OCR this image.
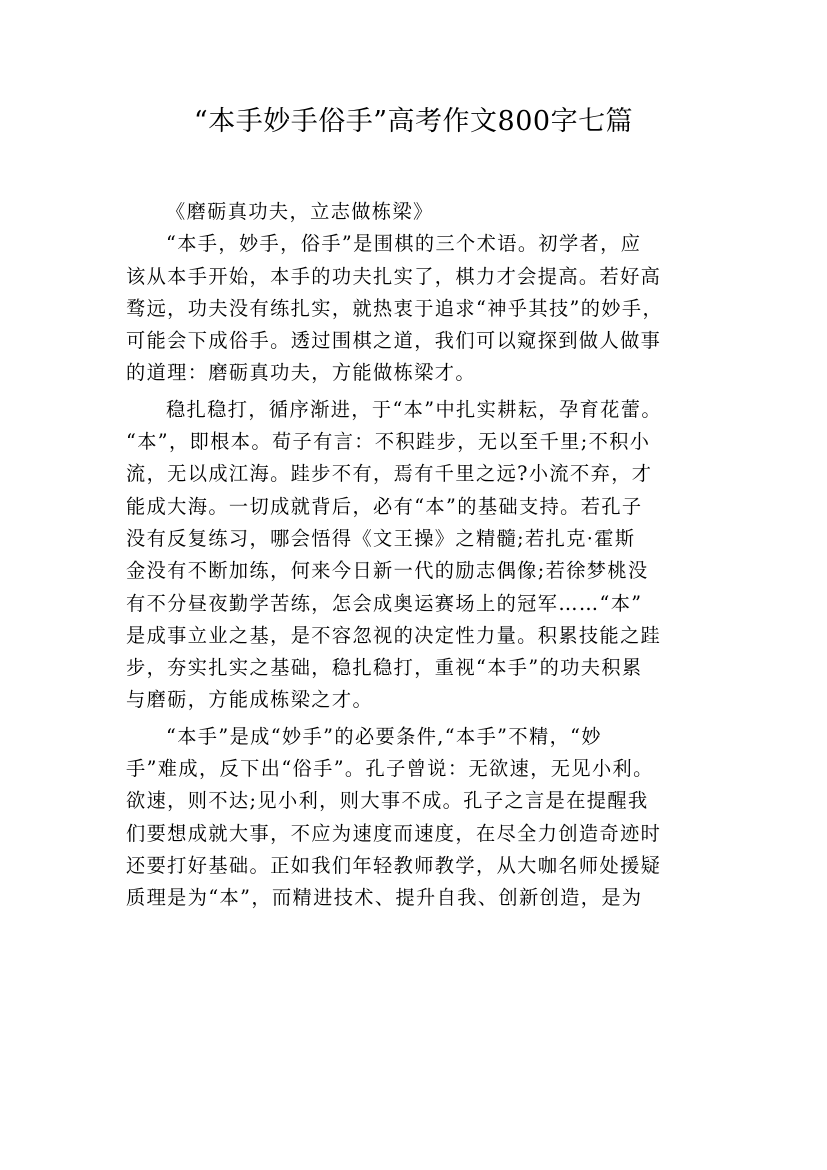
“本手妙手俗手”高考作文800字七篇
《磨砺真功夫，立志做栋梁》
“本手，妙手，俗手”是围棋的三个术语。初学者，应
该从本手开始，本手的功夫扎实了，棋力才会提高。若好高
骛远，功夫没有练扎实，就热衷于追求“神乎其技”的妙手，
可能会下成俗手。透过围棋之道，我们可以窥探到做人做事
的道理：磨砺真功夫，方能做栋梁才。
稳扎稳打，循序渐进，于“本”中扎实耕耘，孕育花蕾。
“本”，即根本。荀子有言：不积跬步，无以至千里;不积小
流，无以成江海。跬步不有，焉有千里之远?小流不弃，才
能成大海。一切成就背后，必有“本”的基础支持。若孔子
没有反复练习，哪会悟得《文王操》之精髓;若扎克·霍斯
金没有不断加练，何来今日新一代的励志偶像;若徐梦桃没
有不分昼夜勤学苦练，怎会成奥运赛场上的冠军……“本”
是成事立业之基，是不容忽视的决定性力量。积累技能之跬
步，夯实扎实之基础，稳扎稳打，重视“本手”的功夫积累
与磨砺，方能成栋梁之才。
“本手”是成“妙手”的必要条件,“本手”不精，“妙
手”难成，反下出“俗手”。孔子曾说：无欲速，无见小利。
欲速，则不达;见小利，则大事不成。孔子之言是在提醒我
们要想成就大事，不应为速度而速度，在尽全力创造奇迹时
还要打好基础。正如我们年轻教师教学，从大咖名师处援疑
质理是为“本”，而精进技术、提升自我、创新创造，是为
